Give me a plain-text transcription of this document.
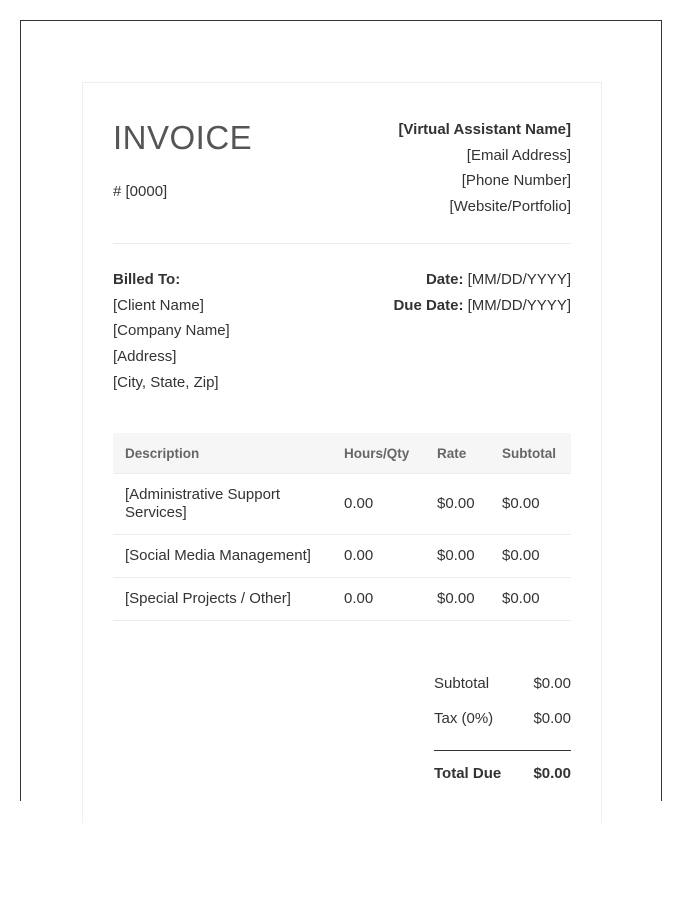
INVOICE
# [0000]
[Virtual Assistant Name]
[Email Address]
[Phone Number]
[Website/Portfolio]
Billed To:
[Client Name]
[Company Name]
[Address]
[City, State, Zip]
Date: [MM/DD/YYYY]
Due Date: [MM/DD/YYYY]
Description	Hours/Qty	Rate	Subtotal
[Administrative Support Services]	0.00	$0.00	$0.00
[Social Media Management]	0.00	$0.00	$0.00
[Special Projects / Other]	0.00	$0.00	$0.00
Subtotal	$0.00
Tax (0%)	$0.00
Total Due $0.00
